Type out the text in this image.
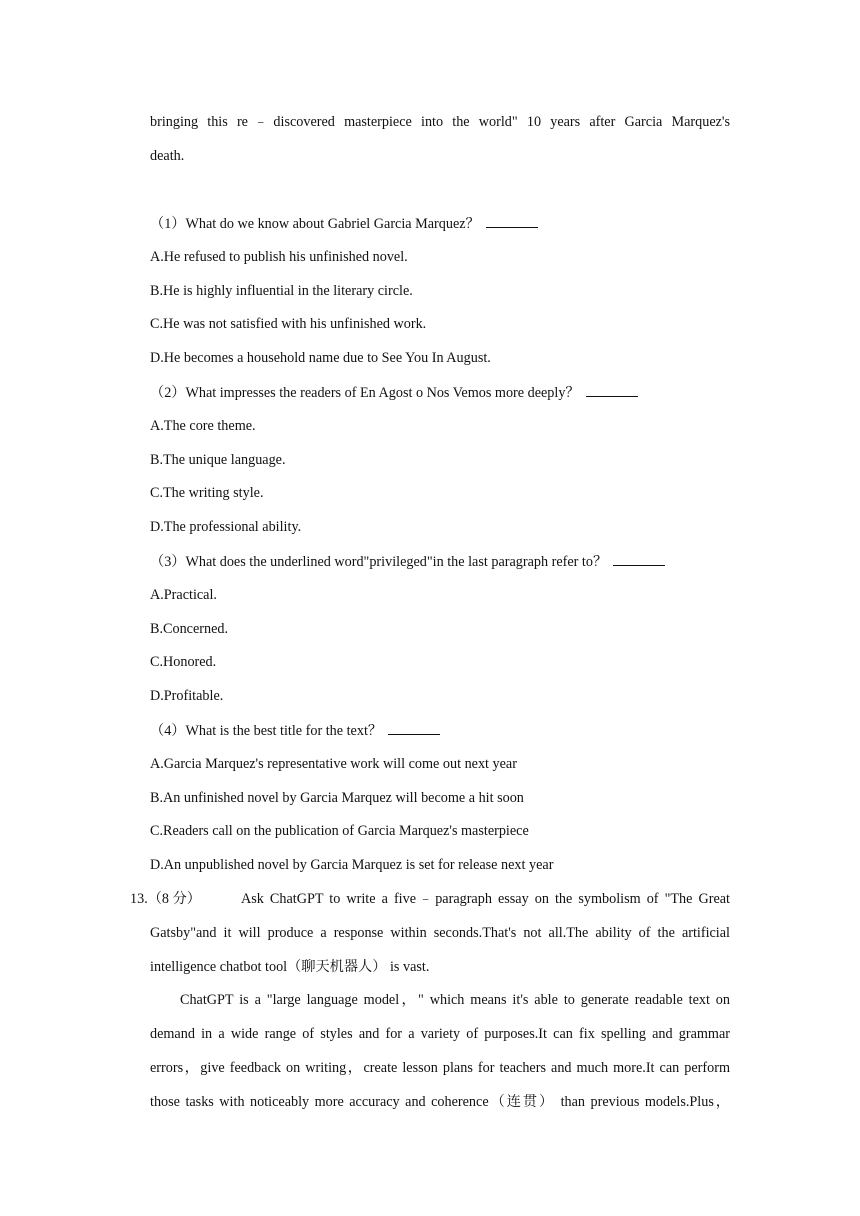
bringing this re﹣discovered masterpiece into the world" 10 years after Garcia Marquez's
death.
（1）What do we know about Gabriel Garcia Marquez？
A.He refused to publish his unfinished novel.
B.He is highly influential in the literary circle.
C.He was not satisfied with his unfinished work.
D.He becomes a household name due to See You In August.
（2）What impresses the readers of En Agost o Nos Vemos more deeply？
A.The core theme.
B.The unique language.
C.The writing style.
D.The professional ability.
（3）What does the underlined word"privileged"in the last paragraph refer to？
A.Practical.
B.Concerned.
C.Honored.
D.Profitable.
（4）What is the best title for the text？
A.Garcia Marquez's representative work will come out next year
B.An unfinished novel by Garcia Marquez will become a hit soon
C.Readers call on the publication of Garcia Marquez's masterpiece
D.An unpublished novel by Garcia Marquez is set for release next year
13.（8 分）	Ask ChatGPT to write a five﹣paragraph essay on the symbolism of "The Great
Gatsby"and it will produce a response within seconds.That's not all.The ability of the artificial
intelligence chatbot tool（聊天机器人） is vast.
ChatGPT is a "large language model，" which means it's able to generate readable text on
demand in a wide range of styles and for a variety of purposes.It can fix spelling and grammar
errors，give feedback on writing，create lesson plans for teachers and much more.It can perform
those tasks with noticeably more accuracy and coherence（连贯） than previous models.Plus，
